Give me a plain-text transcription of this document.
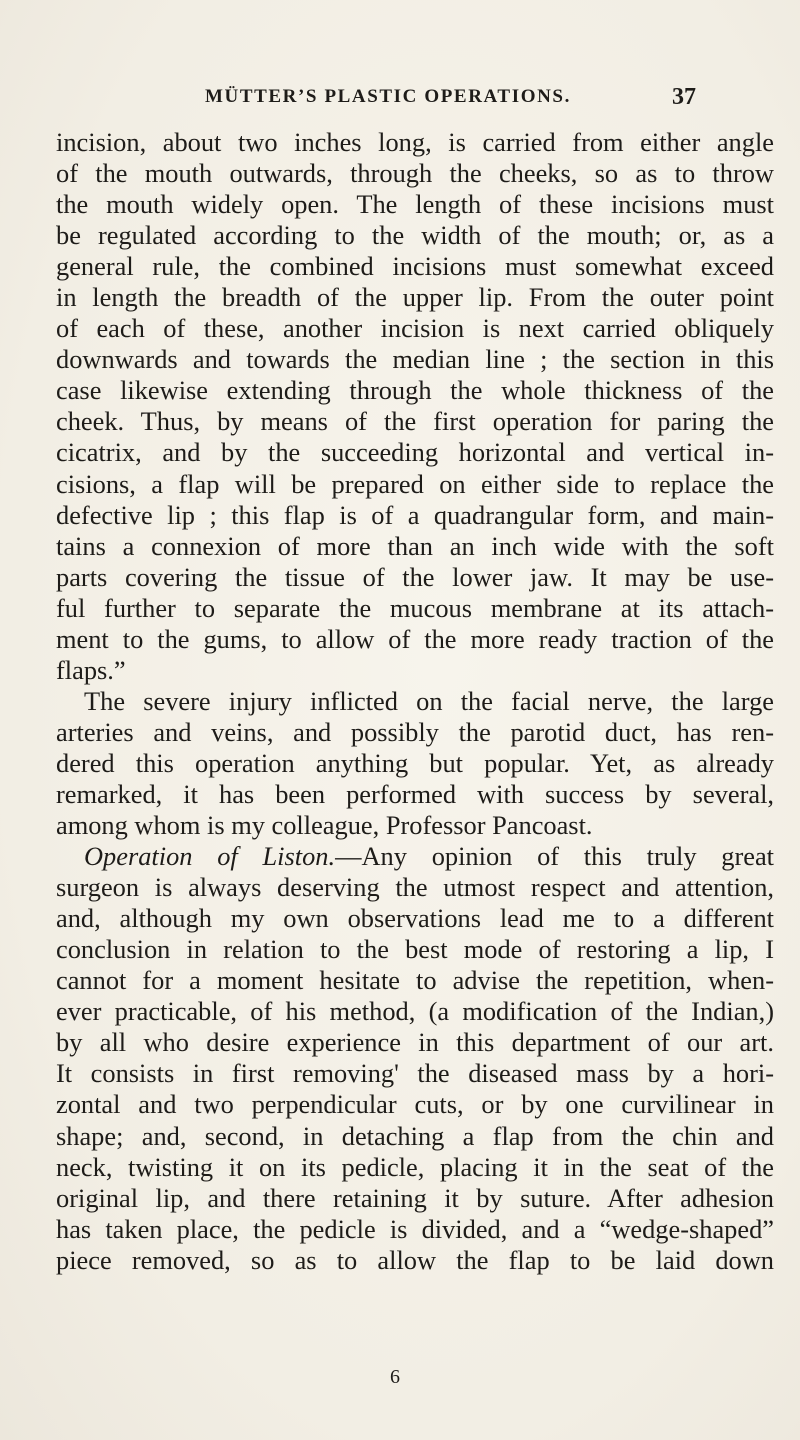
MÜTTER’S PLASTIC OPERATIONS.	37
incision, about two inches long, is carried from either angle
of the mouth outwards, through the cheeks, so as to throw
the mouth widely open. The length of these incisions must
be regulated according to the width of the mouth; or, as a
general rule, the combined incisions must somewhat exceed
in length the breadth of the upper lip. From the outer point
of each of these, another incision is next carried obliquely
downwards and towards the median line ; the section in this
case likewise extending through the whole thickness of the
cheek. Thus, by means of the first operation for paring the
cicatrix, and by the succeeding horizontal and vertical in-
cisions, a flap will be prepared on either side to replace the
defective lip ; this flap is of a quadrangular form, and main-
tains a connexion of more than an inch wide with the soft
parts covering the tissue of the lower jaw. It may be use-
ful further to separate the mucous membrane at its attach-
ment to the gums, to allow of the more ready traction of the
flaps.”
The severe injury inflicted on the facial nerve, the large
arteries and veins, and possibly the parotid duct, has ren-
dered this operation anything but popular. Yet, as already
remarked, it has been performed with success by several,
among whom is my colleague, Professor Pancoast.
Operation of Liston.—Any opinion of this truly great
surgeon is always deserving the utmost respect and attention,
and, although my own observations lead me to a different
conclusion in relation to the best mode of restoring a lip, I
cannot for a moment hesitate to advise the repetition, when-
ever practicable, of his method, (a modification of the Indian,)
by all who desire experience in this department of our art.
It consists in first removing' the diseased mass by a hori-
zontal and two perpendicular cuts, or by one curvilinear in
shape; and, second, in detaching a flap from the chin and
neck, twisting it on its pedicle, placing it in the seat of the
original lip, and there retaining it by suture. After adhesion
has taken place, the pedicle is divided, and a “wedge-shaped”
piece removed, so as to allow the flap to be laid down
6
